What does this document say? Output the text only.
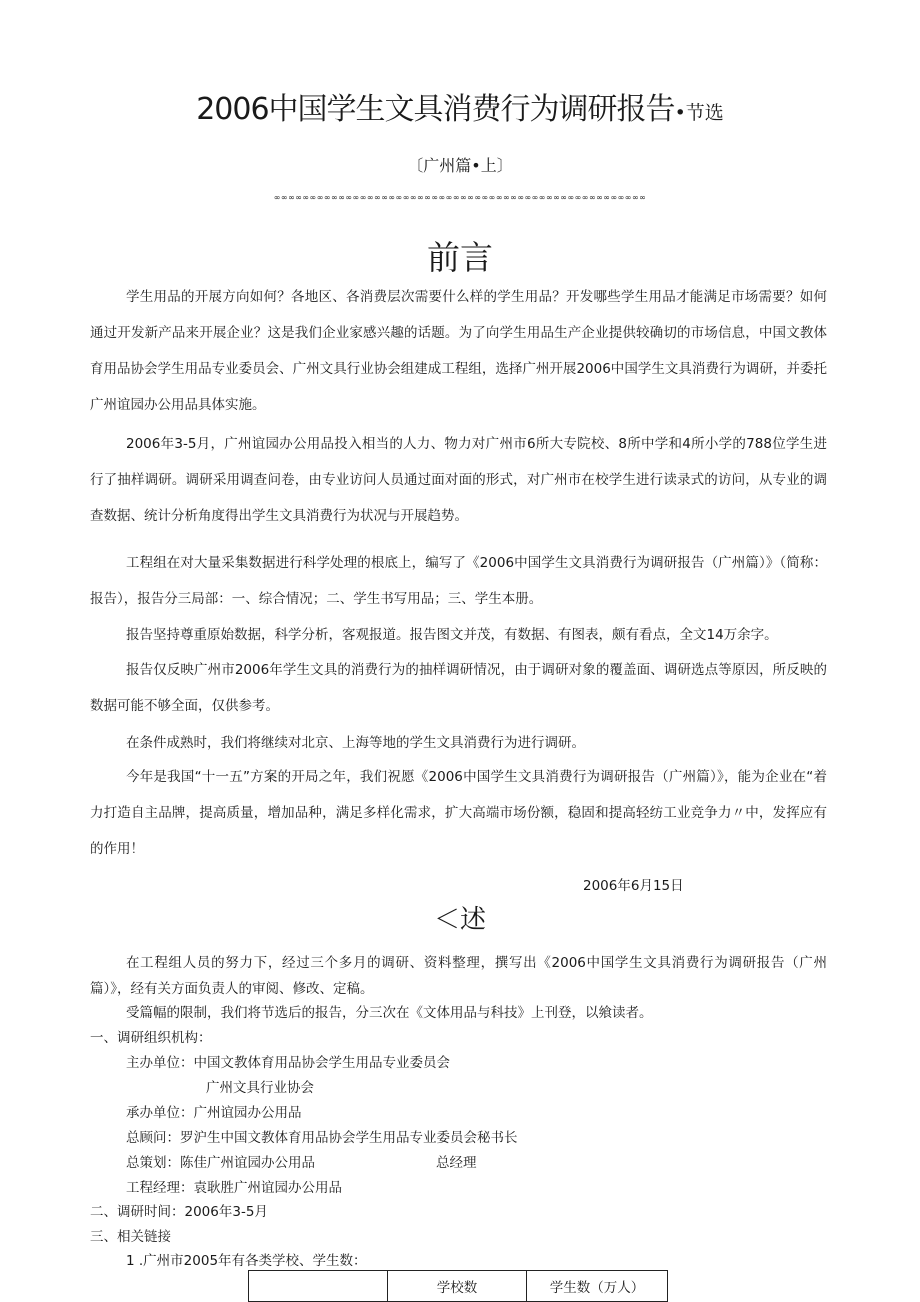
2006中国学生文具消费行为调研报告•节选
〔广州篇•上〕
∞∞∞∞∞∞∞∞∞∞∞∞∞∞∞∞∞∞∞∞∞∞∞∞∞∞∞∞∞∞∞∞∞∞∞∞∞∞∞∞∞∞∞∞∞∞∞∞∞∞∞∞
前言

学生用品的开展方向如何？各地区、各消费层次需要什么样的学生用品？开发哪些学生用品才能满足市场需要？如何通过开发新产品来开展企业？这是我们企业家感兴趣的话题。为了向学生用品生产企业提供较确切的市场信息，中国文教体育用品协会学生用品专业委员会、广州文具行业协会组建成工程组，选择广州开展2006中国学生文具消费行为调研，并委托广州谊园办公用品具体实施。

2006年3-5月，广州谊园办公用品投入相当的人力、物力对广州市6所大专院校、8所中学和4所小学的788位学生进行了抽样调研。调研采用调查问卷，由专业访问人员通过面对面的形式，对广州市在校学生进行读录式的访问，从专业的调查数据、统计分析角度得出学生文具消费行为状况与开展趋势。

工程组在对大量采集数据进行科学处理的根底上，编写了《2006中国学生文具消费行为调研报告（广州篇）》（简称：报告），报告分三局部：一、综合情况；二、学生书写用品；三、学生本册。

报告坚持尊重原始数据，科学分析，客观报道。报告图文并茂，有数据、有图表，颇有看点，全文14万余字。

报告仅反映广州市2006年学生文具的消费行为的抽样调研情况，由于调研对象的覆盖面、调研选点等原因，所反映的数据可能不够全面，仅供参考。

在条件成熟时，我们将继续对北京、上海等地的学生文具消费行为进行调研。

今年是我国“十一五”方案的开局之年，我们祝愿《2006中国学生文具消费行为调研报告（广州篇）》，能为企业在“着力打造自主品牌，提高质量，增加品种，满足多样化需求，扩大高端市场份额，稳固和提高轻纺工业竞争力〃中，发挥应有的作用！

2006年6月15日
＜述

在工程组人员的努力下，经过三个多月的调研、资料整理，撰写出《2006中国学生文具消费行为调研报告（广州篇）》，经有关方面负责人的审阅、修改、定稿。

受篇幅的限制，我们将节选后的报告，分三次在《文体用品与科技》上刊登，以飨读者。

一、调研组织机构：
主办单位：中国文教体育用品协会学生用品专业委员会
广州文具行业协会
承办单位：广州谊园办公用品
总顾问：罗沪生中国文教体育用品协会学生用品专业委员会秘书长
总策划：陈佳广州谊园办公用品	总经理
工程经理：袁耿胜广州谊园办公用品
二、调研时间：2006年3-5月
三、相关链接
1 .广州市2005年有各类学校、学生数：
	学校数	学生数（万人）
